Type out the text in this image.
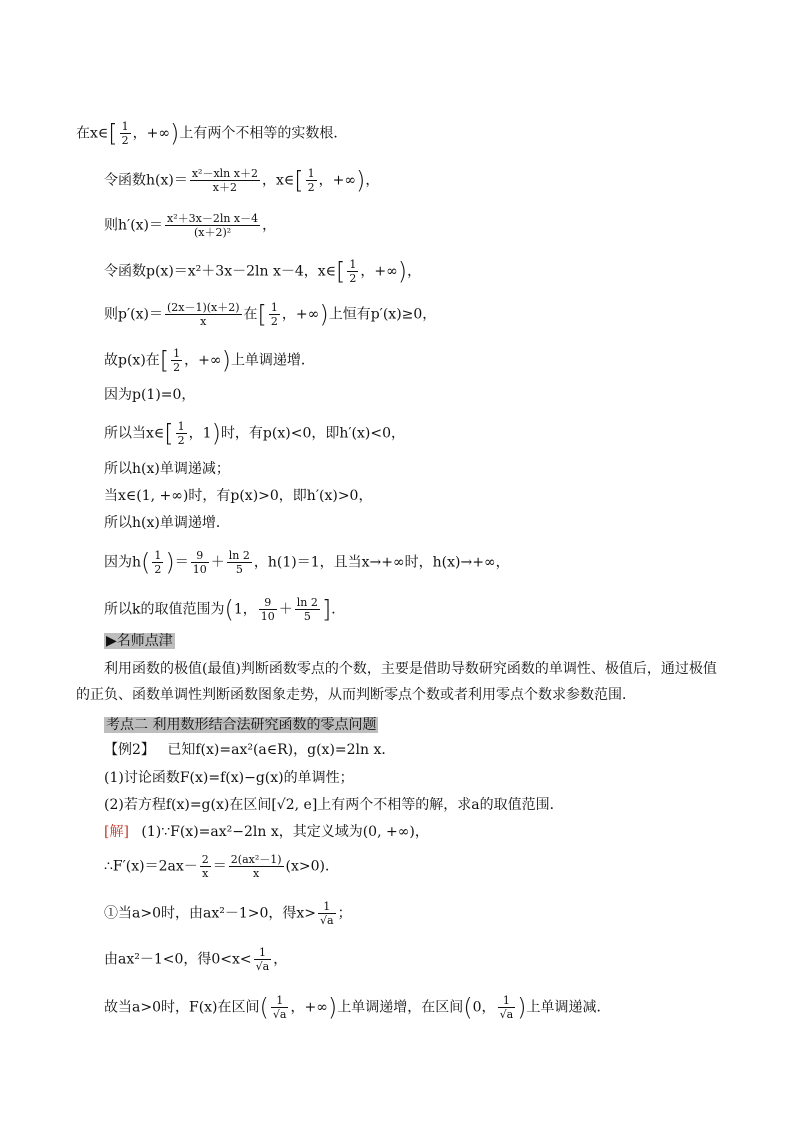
在x∈[ $\frac{1}{2}$ ，+∞)上有两个不相等的实数根．
令函数$h(x)= \frac{\text{x²－xln x＋2}}{x+2}$ ，x∈[ $\frac{1}{2}$ ，+∞)，
则$h'(x)= \frac{\text{x²＋3x－2ln x－4}}{\text{(x＋2)²}}$ ，
令函数p(x)＝x²＋3x－2ln x－4，x∈[ $\frac{1}{2}$ ，+∞)，
则$p'(x)= \frac{(2x-1)(x+2)}{x}$ 在[ $\frac{1}{2}$ ，+∞)上恒有p′(x)≥0，
故p(x)在[ $\frac{1}{2}$ ，+∞)上单调递增．
因为p(1)=0，
所以当x∈[ $\frac{1}{2}$ ，1)时，有p(x)<0，即h′(x)<0，
所以h(x)单调递减；
当x∈(1, +∞)时，有p(x)>0，即h′(x)>0，
所以h(x)单调递增．
因为$h( \frac{1}{2}$ )＝ $\frac{9}{10} + \frac{\ln 2}{5}$ ，h(1)＝1，且当x→+∞时，h(x)→+∞，
所以k的取值范围为(1， $\frac{9}{10} + \frac{\ln 2}{5}$ ]．
▶名师点津
利用函数的极值(最值)判断函数零点的个数，主要是借助导数研究函数的单调性、极值后，通过极值的正负、函数单调性判断函数图象走势，从而判断零点个数或者利用零点个数求参数范围．
考点二 利用数形结合法研究函数的零点问题
【例2】 已知f(x)=ax²(a∈R)，g(x)=2ln x．
(1)讨论函数F(x)=f(x)−g(x)的单调性；
(2)若方程f(x)=g(x)在区间[√2, e]上有两个不相等的解，求a的取值范围．
[解] (1)∵F(x)=ax²−2ln x，其定义域为(0, +∞)，
∴F′(x)＝2ax－ $\frac{2}{x} = \frac{\text{2(ax²－1)}}{x} (x>0)$．
①当a>0时，由ax²－1>0，得$x> \frac{1}{√a}$ ；
由ax²－1<0，得$0<x< \frac{1}{√a}$ ，
故当a>0时，F(x)在区间( $\frac{1}{√a}$ ，+∞)上单调递增，在区间(0， $\frac{1}{√a}$ )上单调递减．
